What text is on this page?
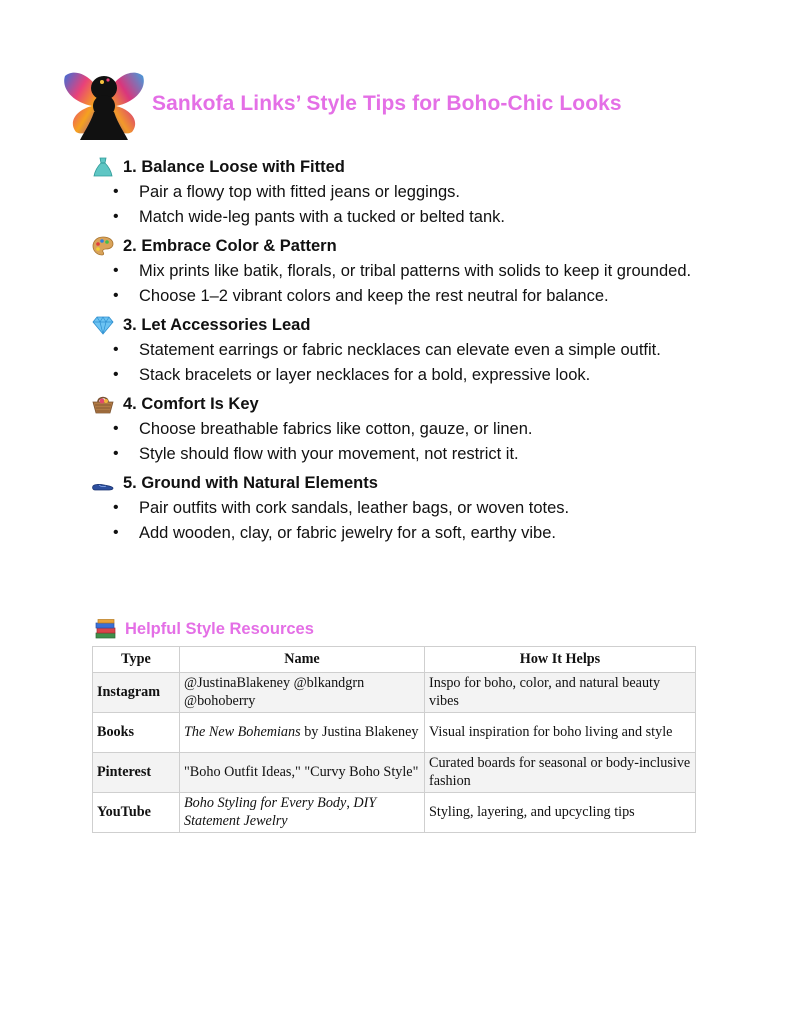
Sankofa Links’ Style Tips for Boho-Chic Looks
1. Balance Loose with Fitted
• Pair a flowy top with fitted jeans or leggings.
• Match wide-leg pants with a tucked or belted tank.
2. Embrace Color & Pattern
• Mix prints like batik, florals, or tribal patterns with solids to keep it grounded.
• Choose 1–2 vibrant colors and keep the rest neutral for balance.
3. Let Accessories Lead
• Statement earrings or fabric necklaces can elevate even a simple outfit.
• Stack bracelets or layer necklaces for a bold, expressive look.
4. Comfort Is Key
• Choose breathable fabrics like cotton, gauze, or linen.
• Style should flow with your movement, not restrict it.
5. Ground with Natural Elements
• Pair outfits with cork sandals, leather bags, or woven totes.
• Add wooden, clay, or fabric jewelry for a soft, earthy vibe.
Helpful Style Resources
Type	Name	How It Helps
Instagram	@JustinaBlakeney @blkandgrn @bohoberry	Inspo for boho, color, and natural beauty vibes
Books	The New Bohemians by Justina Blakeney	Visual inspiration for boho living and style
Pinterest	"Boho Outfit Ideas," "Curvy Boho Style"	Curated boards for seasonal or body-inclusive fashion
YouTube	Boho Styling for Every Body, DIY Statement Jewelry	Styling, layering, and upcycling tips
